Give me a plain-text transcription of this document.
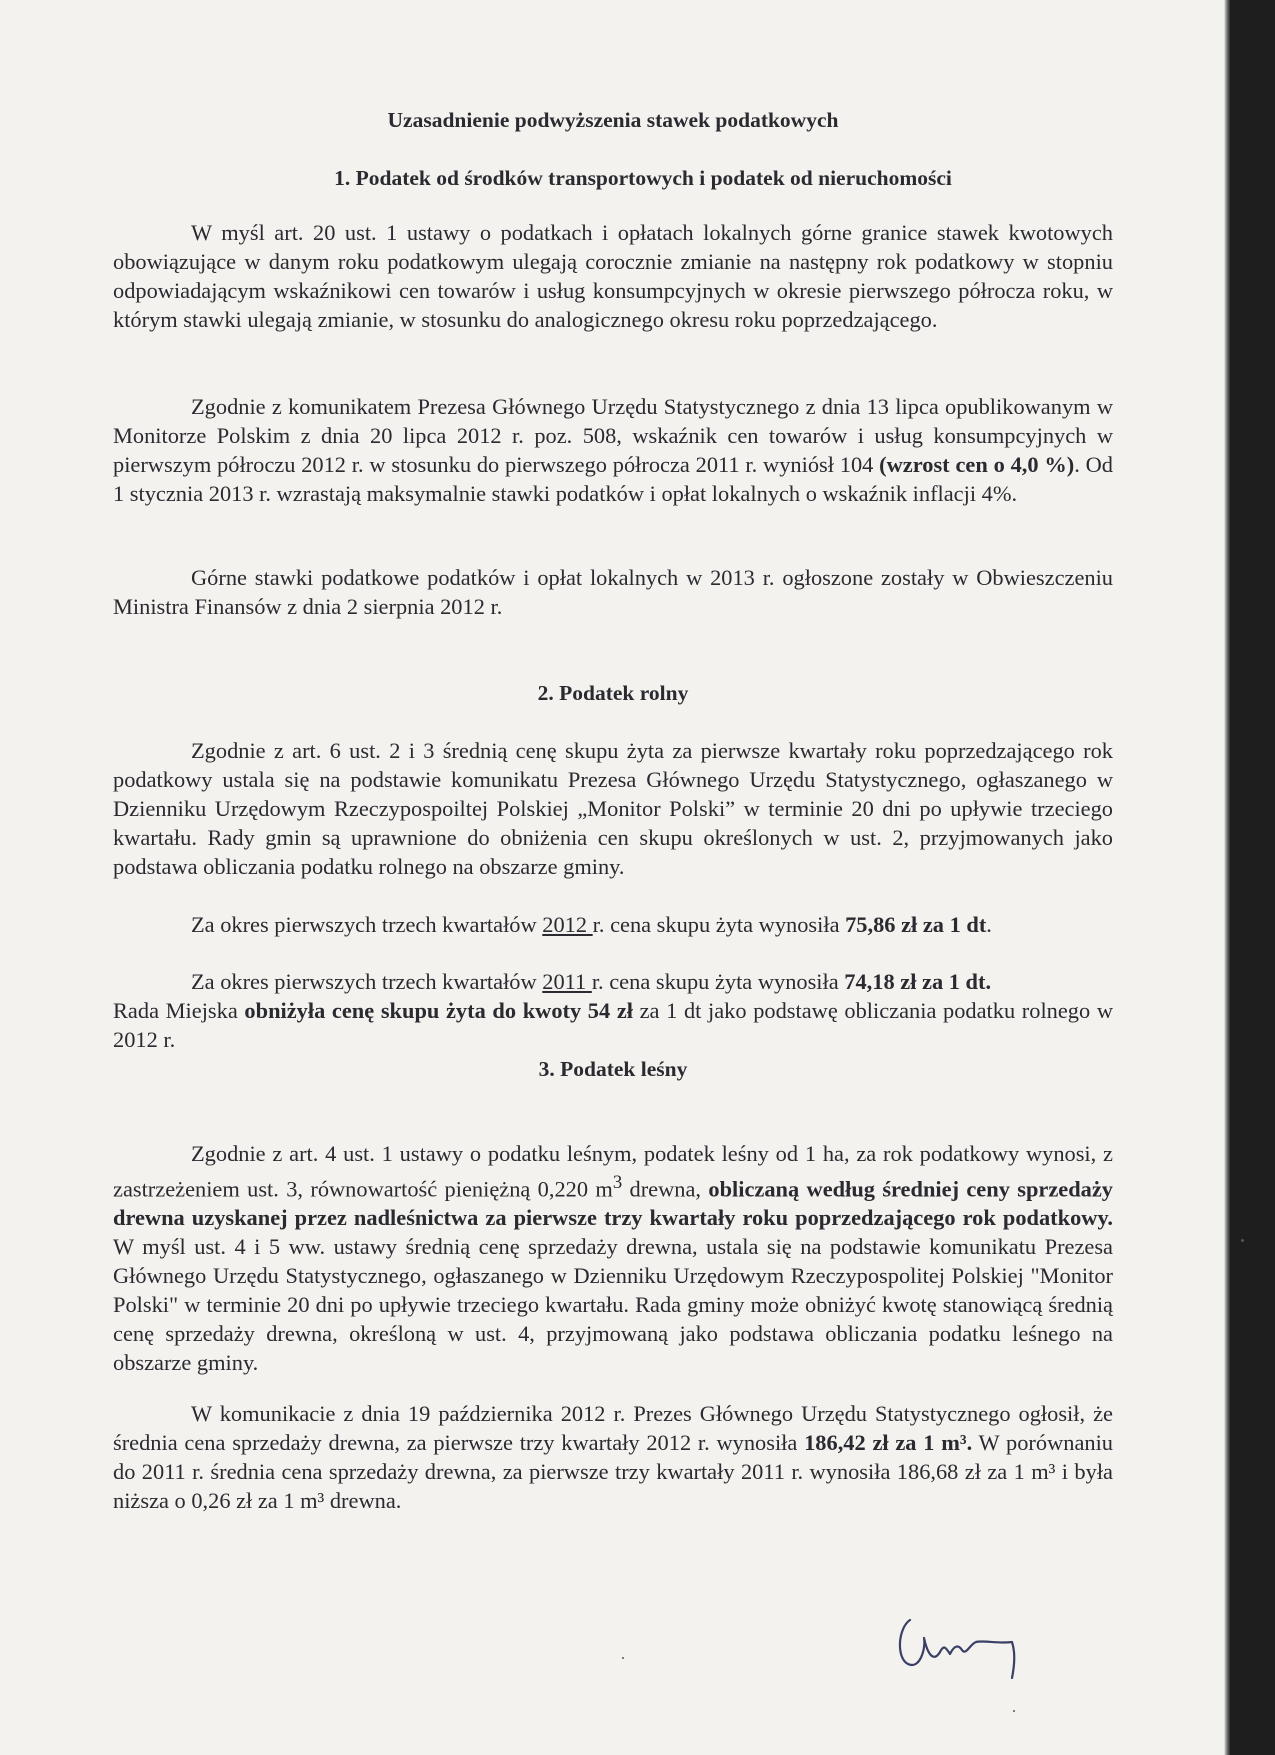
Uzasadnienie podwyższenia stawek podatkowych
1. Podatek od środków transportowych i podatek od nieruchomości

W myśl art. 20 ust. 1 ustawy o podatkach i opłatach lokalnych górne granice stawek kwotowych obowiązujące w danym roku podatkowym ulegają corocznie zmianie na następny rok podatkowy w stopniu odpowiadającym wskaźnikowi cen towarów i usług konsumpcyjnych w okresie pierwszego półrocza roku, w którym stawki ulegają zmianie, w stosunku do analogicznego okresu roku poprzedzającego.

Zgodnie z komunikatem Prezesa Głównego Urzędu Statystycznego z dnia 13 lipca opublikowanym w Monitorze Polskim z dnia 20 lipca 2012 r. poz. 508, wskaźnik cen towarów i usług konsumpcyjnych w pierwszym półroczu 2012 r. w stosunku do pierwszego półrocza 2011 r. wyniósł 104 (wzrost cen o 4,0 %). Od 1 stycznia 2013 r. wzrastają maksymalnie stawki podatków i opłat lokalnych o wskaźnik inflacji 4%.

Górne stawki podatkowe podatków i opłat lokalnych w 2013 r. ogłoszone zostały w Obwieszczeniu Ministra Finansów z dnia 2 sierpnia 2012 r.

2. Podatek rolny

Zgodnie z art. 6 ust. 2 i 3 średnią cenę skupu żyta za pierwsze kwartały roku poprzedzającego rok podatkowy ustala się na podstawie komunikatu Prezesa Głównego Urzędu Statystycznego, ogłaszanego w Dzienniku Urzędowym Rzeczypospoiltej Polskiej „Monitor Polski” w terminie 20 dni po upływie trzeciego kwartału. Rady gmin są uprawnione do obniżenia cen skupu określonych w ust. 2, przyjmowanych jako podstawa obliczania podatku rolnego na obszarze gminy.

Za okres pierwszych trzech kwartałów 2012 r. cena skupu żyta wynosiła 75,86 zł za 1 dt.
Za okres pierwszych trzech kwartałów 2011 r. cena skupu żyta wynosiła 74,18 zł za 1 dt.

Rada Miejska obniżyła cenę skupu żyta do kwoty 54 zł za 1 dt jako podstawę obliczania podatku rolnego w 2012 r.

3. Podatek leśny

Zgodnie z art. 4 ust. 1 ustawy o podatku leśnym, podatek leśny od 1 ha, za rok podatkowy wynosi, z zastrzeżeniem ust. 3, równowartość pieniężną 0,220 $m^3$ drewna, obliczaną według średniej ceny sprzedaży drewna uzyskanej przez nadleśnictwa za pierwsze trzy kwartały roku poprzedzającego rok podatkowy. W myśl ust. 4 i 5 ww. ustawy średnią cenę sprzedaży drewna, ustala się na podstawie komunikatu Prezesa Głównego Urzędu Statystycznego, ogłaszanego w Dzienniku Urzędowym Rzeczypospolitej Polskiej "Monitor Polski" w terminie 20 dni po upływie trzeciego kwartału. Rada gminy może obniżyć kwotę stanowiącą średnią cenę sprzedaży drewna, określoną w ust. 4, przyjmowaną jako podstawa obliczania podatku leśnego na obszarze gminy.

W komunikacie z dnia 19 października 2012 r. Prezes Głównego Urzędu Statystycznego ogłosił, że średnia cena sprzedaży drewna, za pierwsze trzy kwartały 2012 r. wynosiła 186,42 zł za 1 m³. W porównaniu do 2011 r. średnia cena sprzedaży drewna, za pierwsze trzy kwartały 2011 r. wynosiła 186,68 zł za 1 m³ i była niższa o 0,26 zł za 1 m³ drewna.
